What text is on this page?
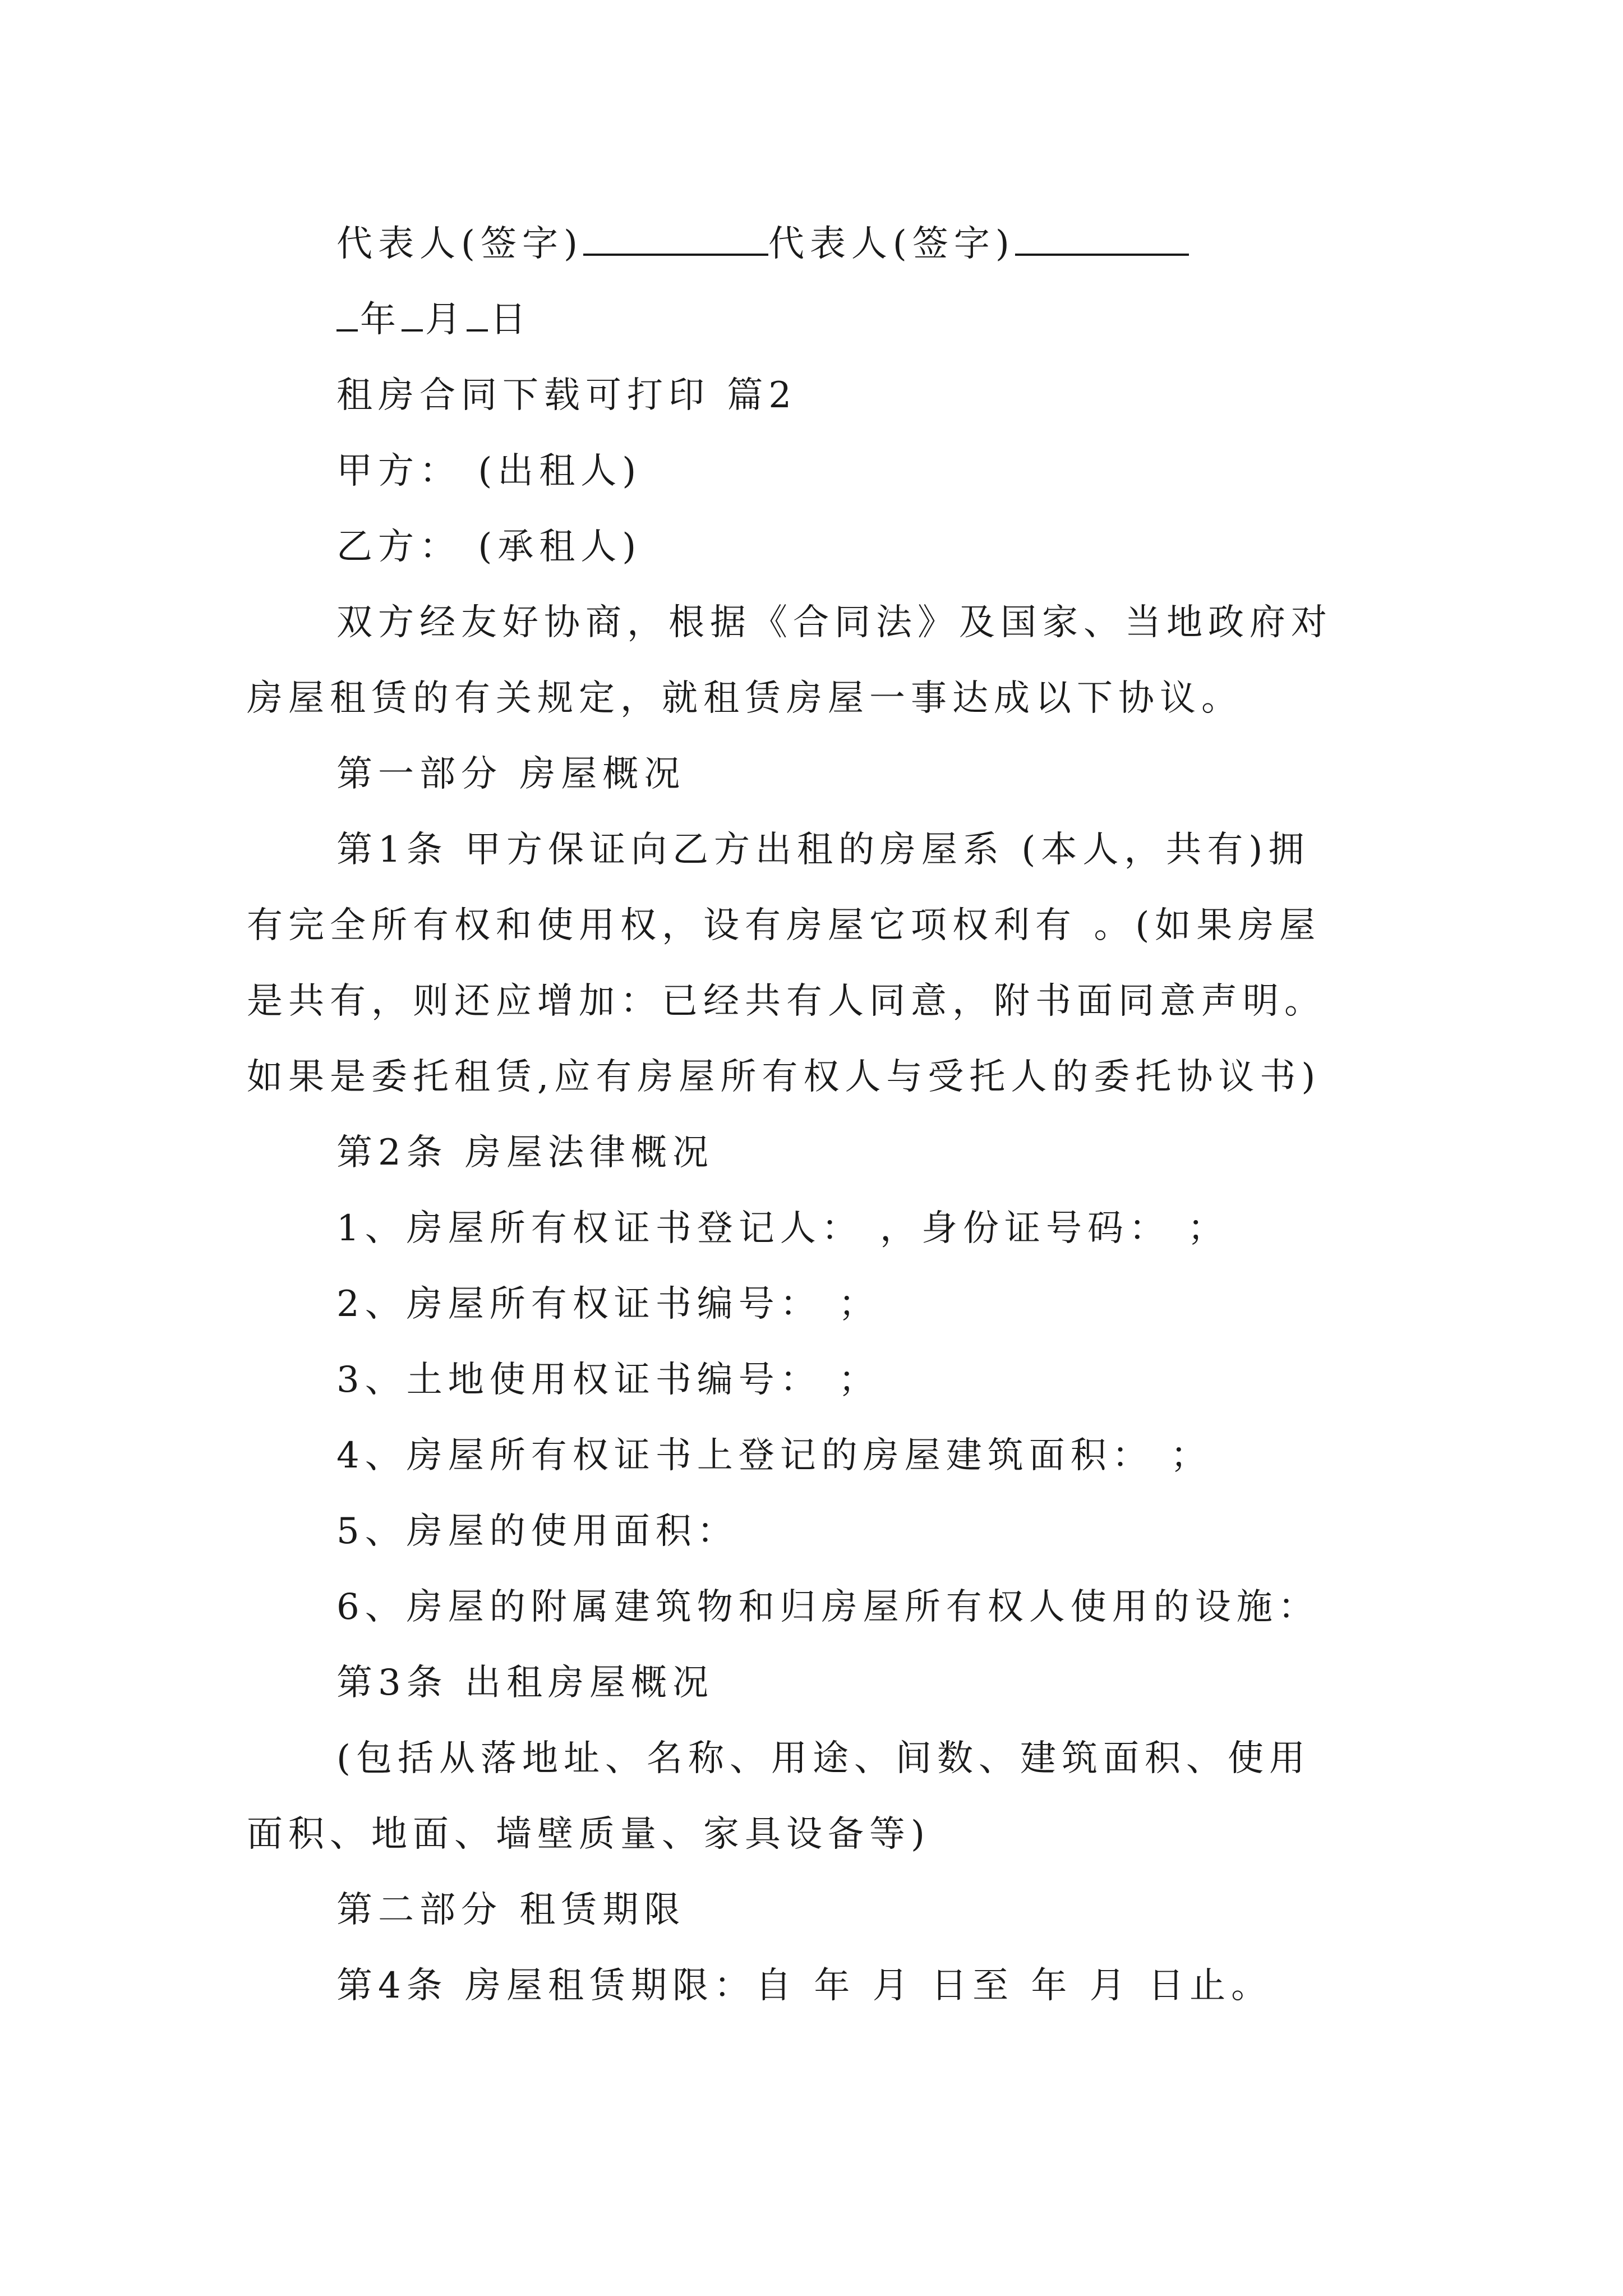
代表人(签字)	代表人(签字)
年 月 日
租房合同下载可打印 篇2
甲方： (出租人)
乙方： (承租人)
双方经友好协商，根据《合同法》及国家、当地政府对
房屋租赁的有关规定，就租赁房屋一事达成以下协议。
第一部分 房屋概况
第1条 甲方保证向乙方出租的房屋系 (本人，共有)拥
有完全所有权和使用权，设有房屋它项权利有 。(如果房屋
是共有，则还应增加：已经共有人同意，附书面同意声明。
如果是委托租赁,应有房屋所有权人与受托人的委托协议书)
第2条 房屋法律概况
1、房屋所有权证书登记人： ，身份证号码： ；
2、房屋所有权证书编号： ；
3、土地使用权证书编号： ；
4、房屋所有权证书上登记的房屋建筑面积： ；
5、房屋的使用面积：
6、房屋的附属建筑物和归房屋所有权人使用的设施：
第3条 出租房屋概况
(包括从落地址、名称、用途、间数、建筑面积、使用
面积、地面、墙壁质量、家具设备等)
第二部分 租赁期限
第4条 房屋租赁期限：自 年 月 日至 年 月 日止。
